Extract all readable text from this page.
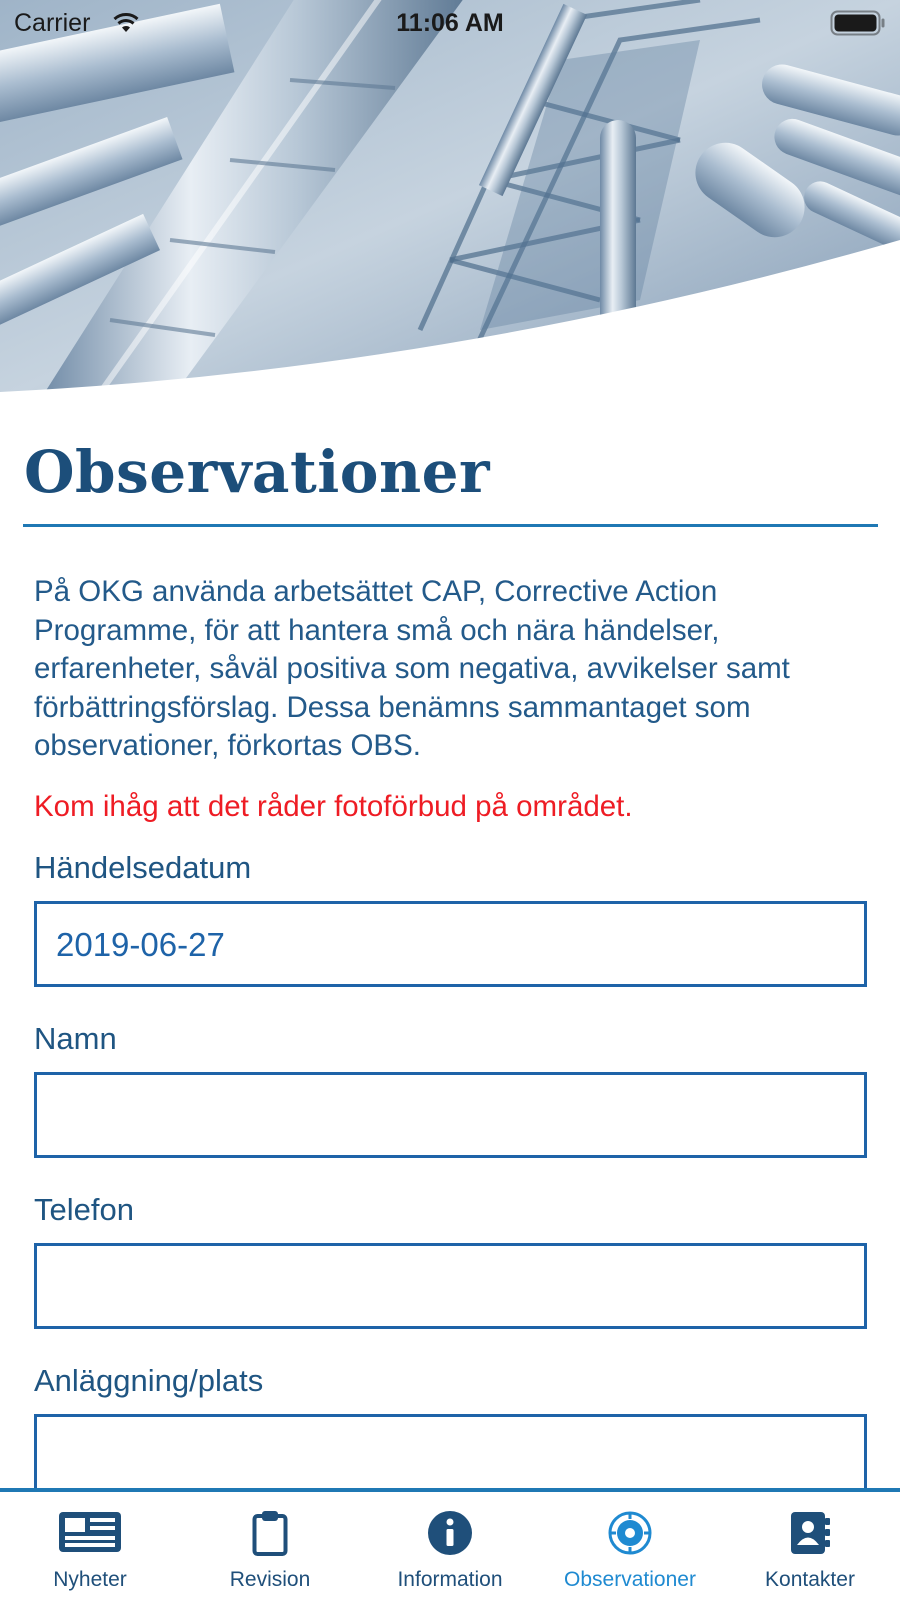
Carrier	11:06 AM
Observationer

På OKG använda arbetsättet CAP, Corrective Action Programme, för att hantera små och nära händelser, erfarenheter, såväl positiva som negativa, avvikelser samt förbättringsförslag. Dessa benämns sammantaget som observationer, förkortas OBS.

Kom ihåg att det råder fotoförbud på området.

Händelsedatum
2019-06-27
Namn
Telefon
Anläggning/plats
Nyheter	Revision	Information	Observationer	Kontakter
